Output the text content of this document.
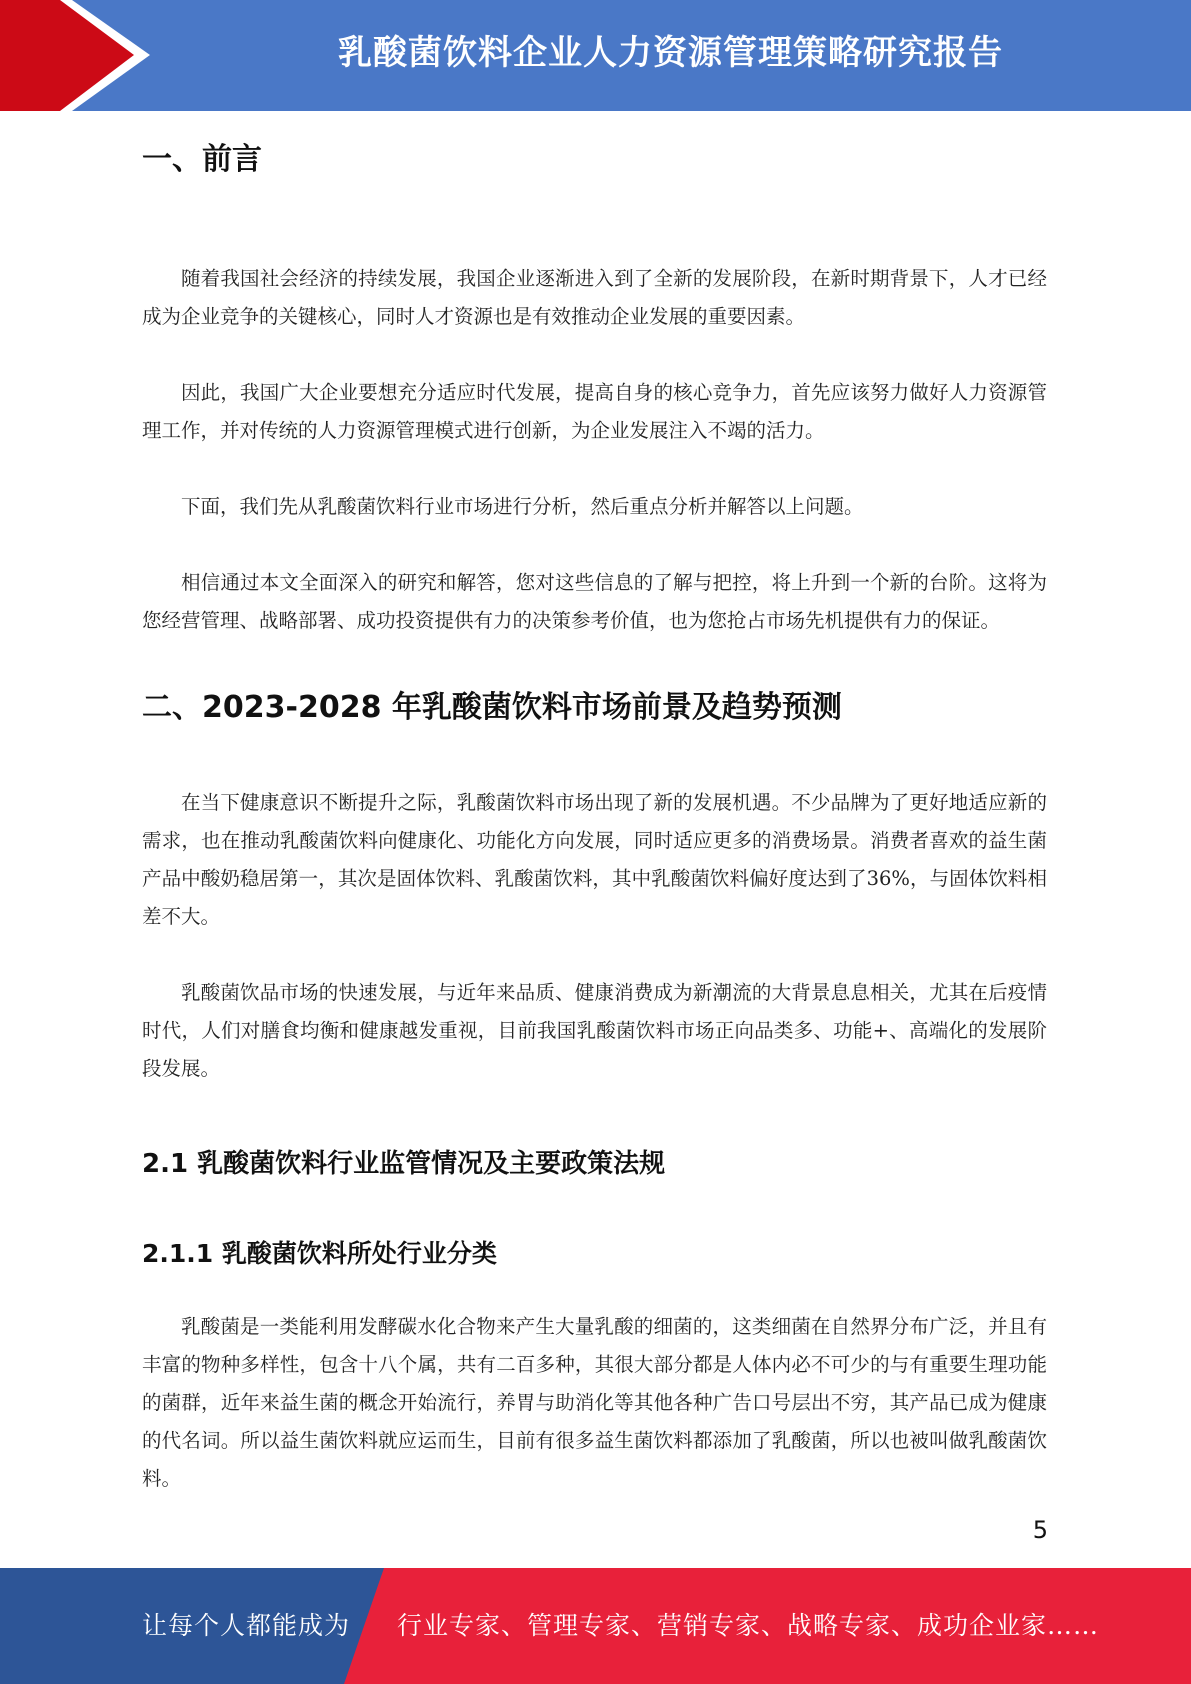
乳酸菌饮料企业人力资源管理策略研究报告
一、前言

随着我国社会经济的持续发展，我国企业逐渐进入到了全新的发展阶段，在新时期背景下，人才已经成为企业竞争的关键核心，同时人才资源也是有效推动企业发展的重要因素。

因此，我国广大企业要想充分适应时代发展，提高自身的核心竞争力，首先应该努力做好人力资源管理工作，并对传统的人力资源管理模式进行创新，为企业发展注入不竭的活力。

下面，我们先从乳酸菌饮料行业市场进行分析，然后重点分析并解答以上问题。

相信通过本文全面深入的研究和解答，您对这些信息的了解与把控，将上升到一个新的台阶。这将为您经营管理、战略部署、成功投资提供有力的决策参考价值，也为您抢占市场先机提供有力的保证。

二、2023-2028 年乳酸菌饮料市场前景及趋势预测

在当下健康意识不断提升之际，乳酸菌饮料市场出现了新的发展机遇。不少品牌为了更好地适应新的需求，也在推动乳酸菌饮料向健康化、功能化方向发展，同时适应更多的消费场景。消费者喜欢的益生菌产品中酸奶稳居第一，其次是固体饮料、乳酸菌饮料，其中乳酸菌饮料偏好度达到了36%，与固体饮料相差不大。

乳酸菌饮品市场的快速发展，与近年来品质、健康消费成为新潮流的大背景息息相关，尤其在后疫情时代，人们对膳食均衡和健康越发重视，目前我国乳酸菌饮料市场正向品类多、功能+、高端化的发展阶段发展。

2.1 乳酸菌饮料行业监管情况及主要政策法规
2.1.1 乳酸菌饮料所处行业分类

乳酸菌是一类能利用发酵碳水化合物来产生大量乳酸的细菌的，这类细菌在自然界分布广泛，并且有丰富的物种多样性，包含十八个属，共有二百多种，其很大部分都是人体内必不可少的与有重要生理功能的菌群，近年来益生菌的概念开始流行，养胃与助消化等其他各种广告口号层出不穷，其产品已成为健康的代名词。所以益生菌饮料就应运而生，目前有很多益生菌饮料都添加了乳酸菌，所以也被叫做乳酸菌饮料。

5
让每个人都能成为 行业专家、管理专家、营销专家、战略专家、成功企业家……
